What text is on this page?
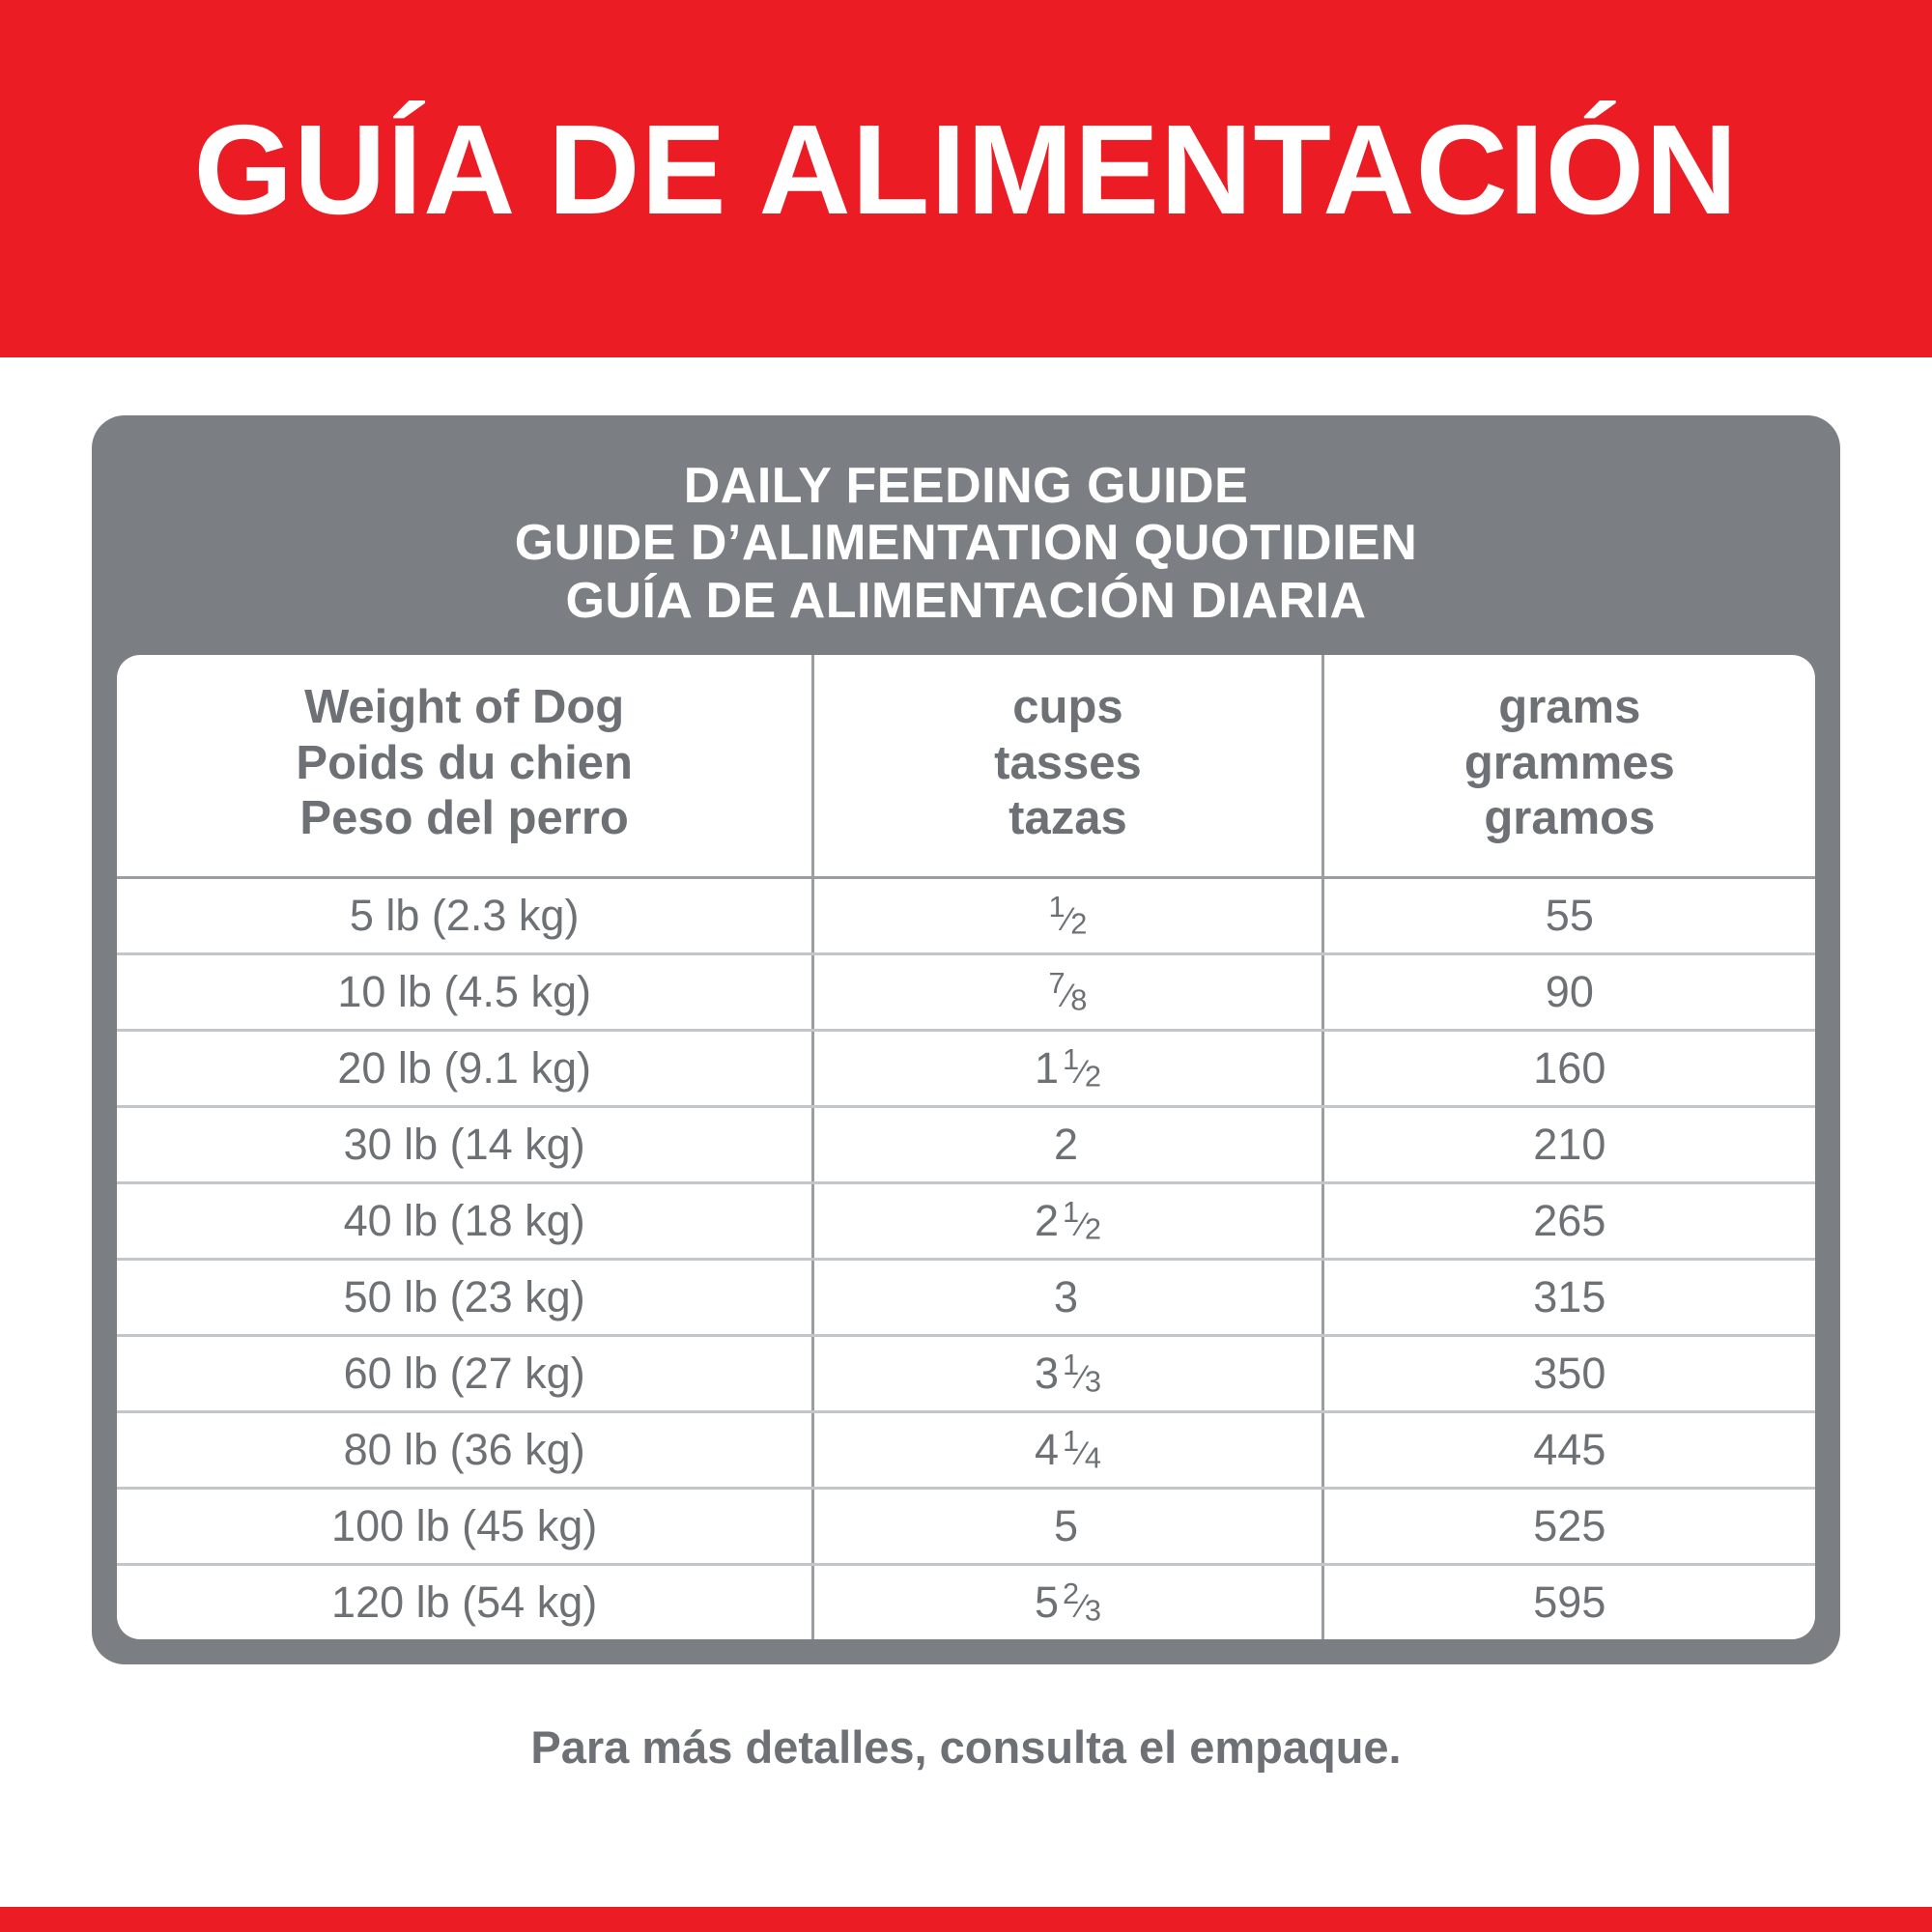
GUÍA DE ALIMENTACIÓN
DAILY FEEDING GUIDE
GUIDE D’ALIMENTATION QUOTIDIEN
GUÍA DE ALIMENTACIÓN DIARIA
Weight of Dog
Poids du chien
Peso del perro

cups
tasses
tazas

grams
grammes
gramos

5 lb (2.3 kg)	1⁄2	55
10 lb (4.5 kg)	7⁄8	90
20 lb (9.1 kg)	1 1⁄2	160
30 lb (14 kg)	2	210
40 lb (18 kg)	2 1⁄2	265
50 lb (23 kg)	3	315
60 lb (27 kg)	3 1⁄3	350
80 lb (36 kg)	4 1⁄4	445
100 lb (45 kg)	5	525
120 lb (54 kg)	5 2⁄3	595
Para más detalles, consulta el empaque.
